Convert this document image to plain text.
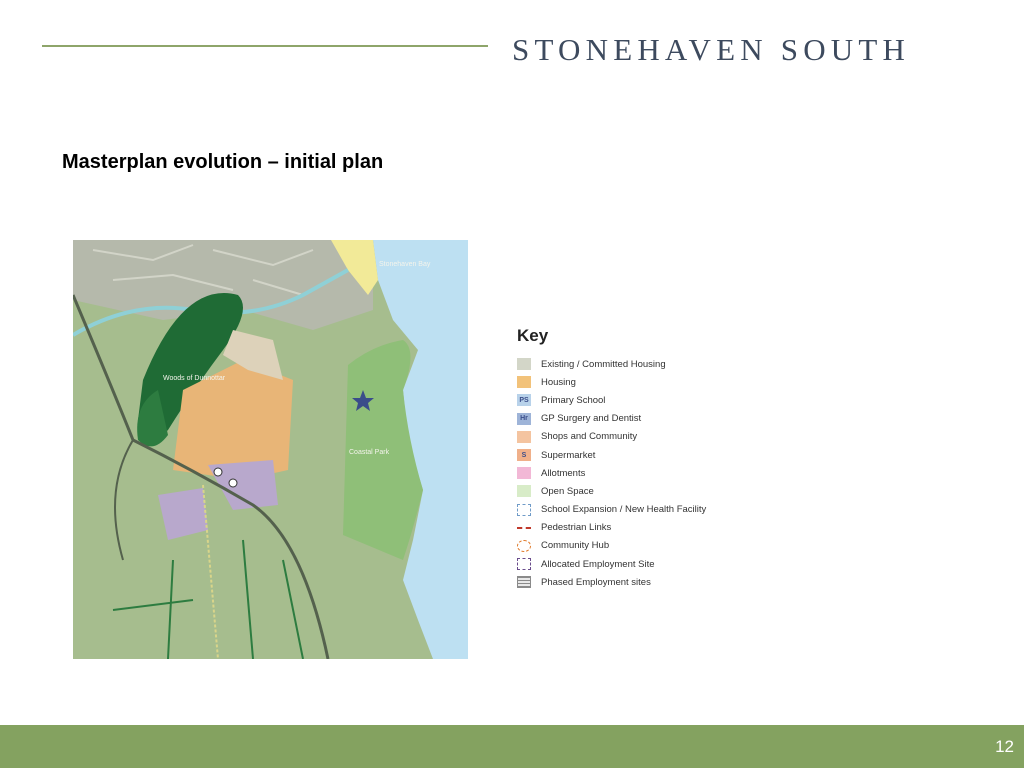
STONEHAVEN SOUTH
Masterplan evolution – initial plan
Stonehaven Bay
Coastal Park
Woods of Dunnottar
Key
Existing / Committed Housing
Housing
PS Primary School
Hr	GP Surgery and Dentist
Shops and Community
S	Supermarket
Allotments
Open Space
School Expansion / New Health Facility
Pedestrian Links
Community Hub
Allocated Employment Site
Phased Employment sites
12
